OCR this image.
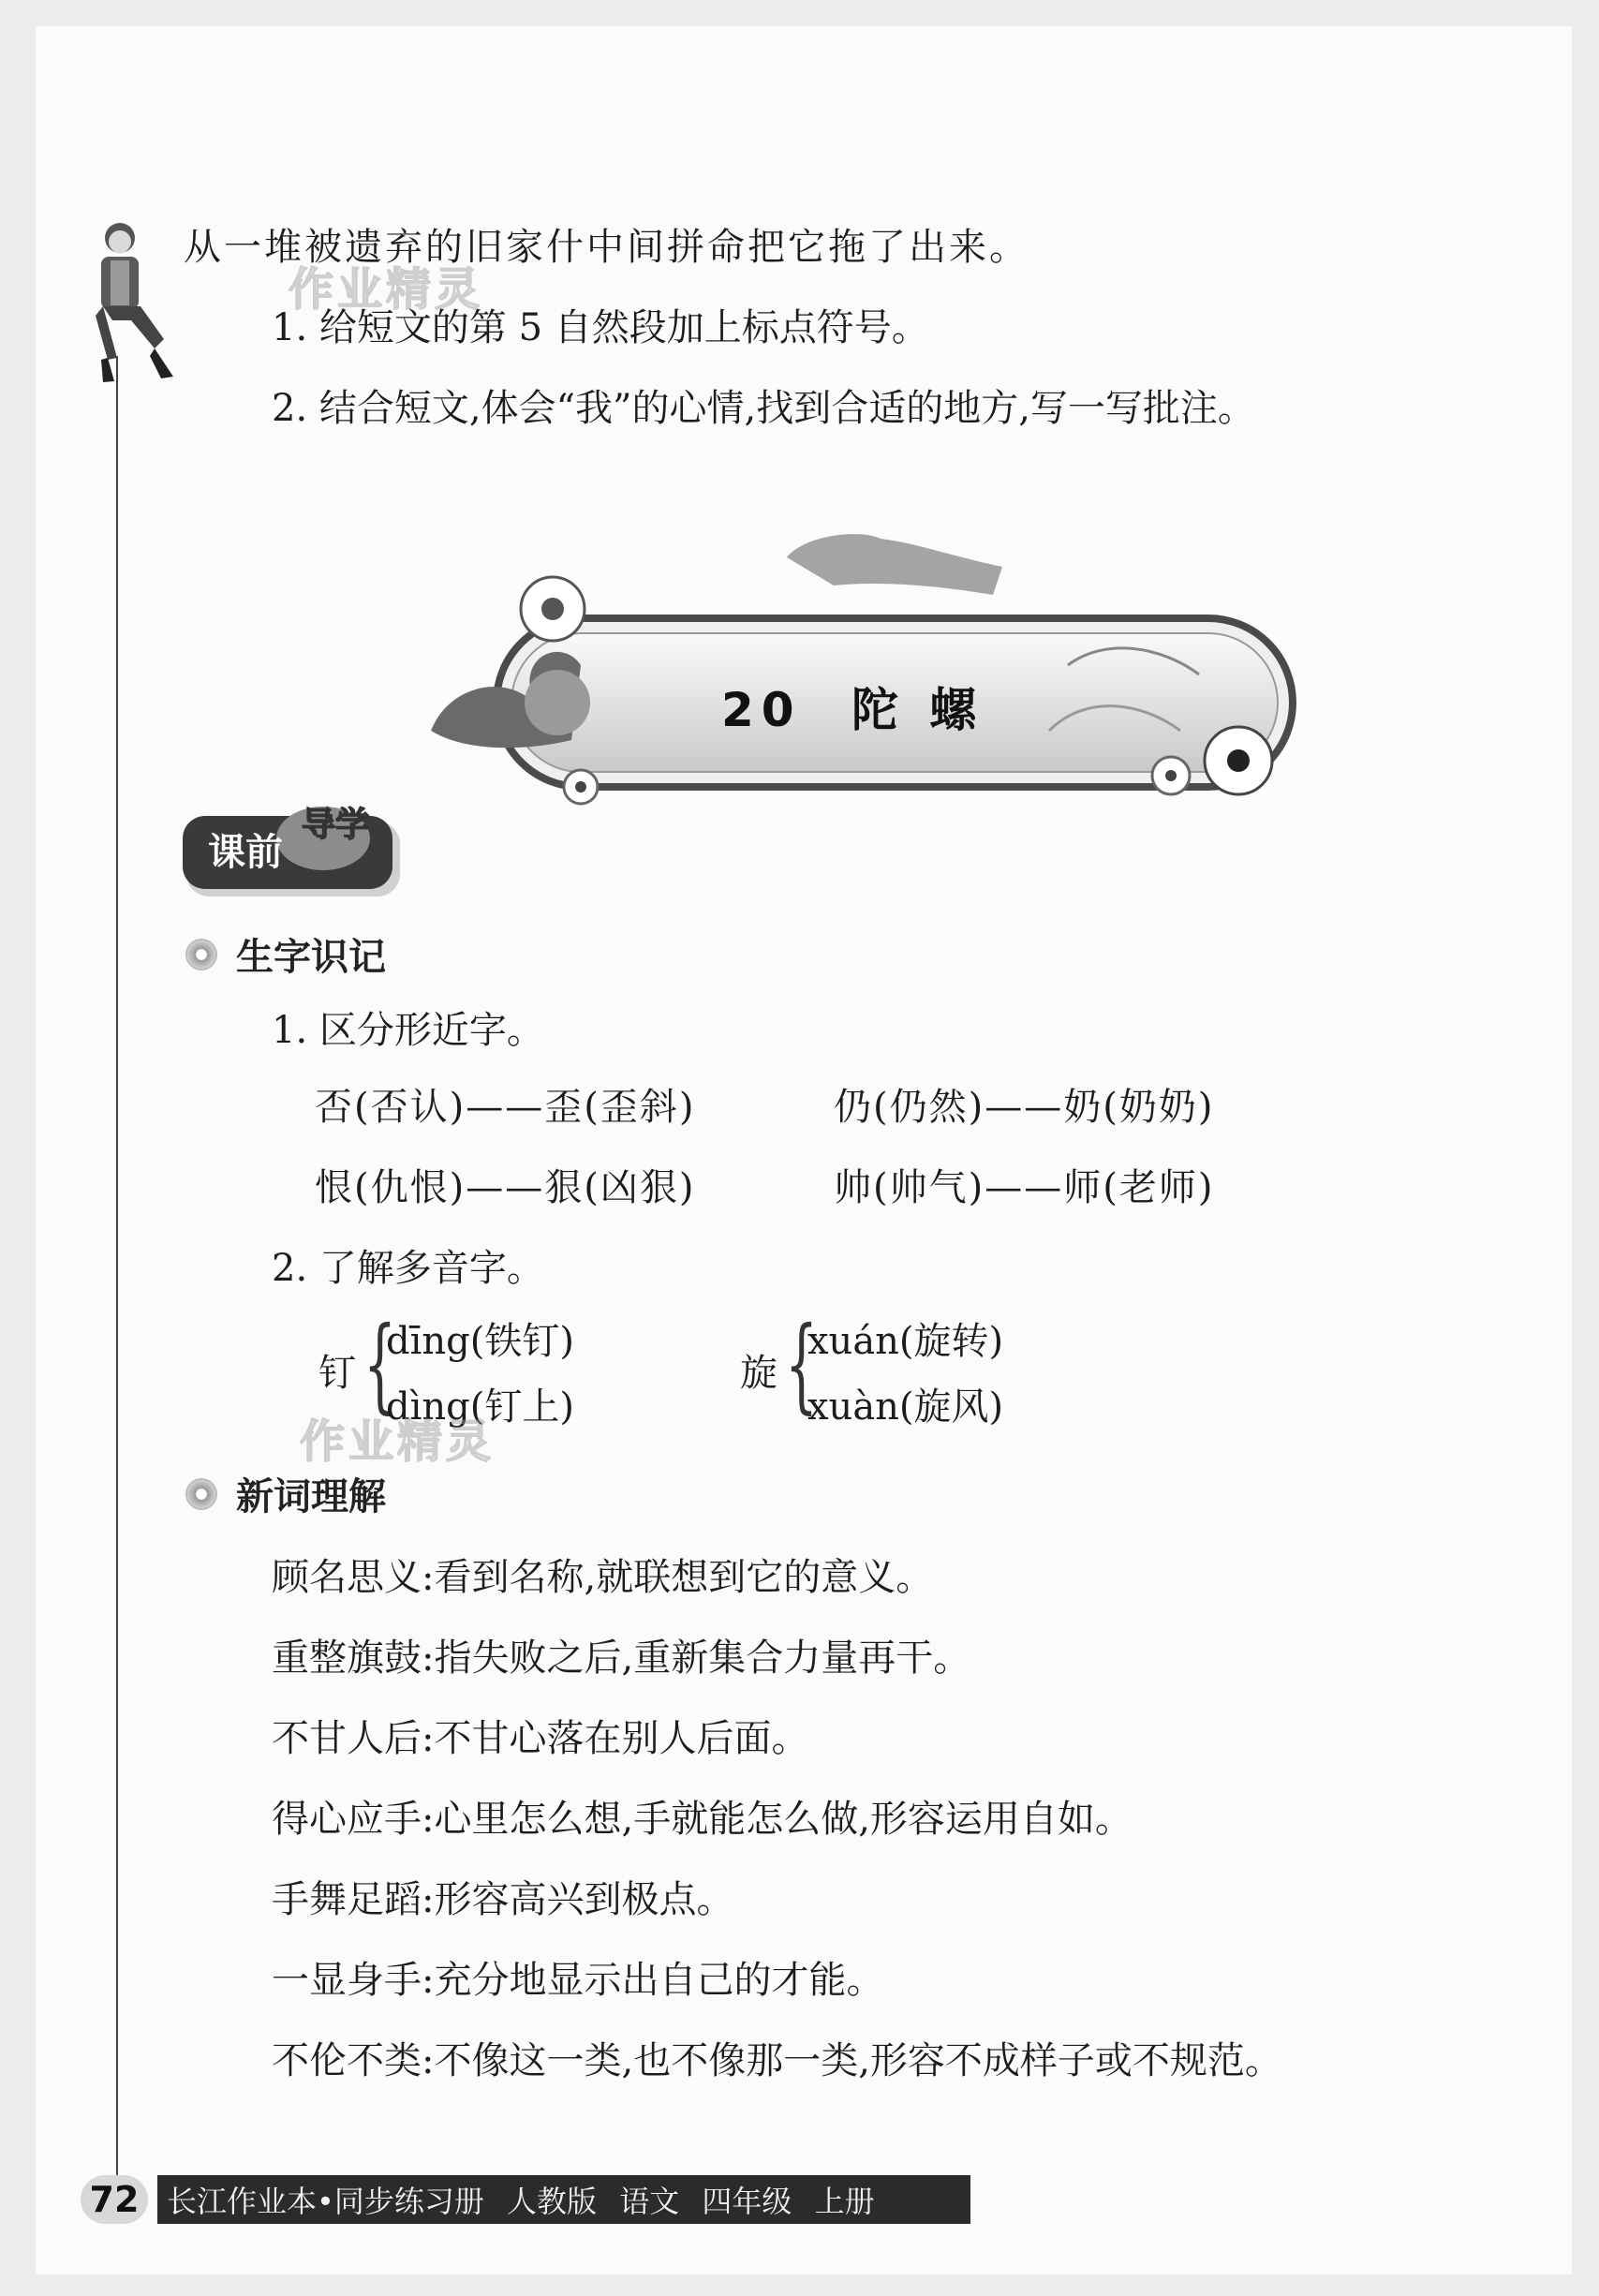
作业精灵
从一堆被遗弃的旧家什中间拼命把它拖了出来。
1. 给短文的第 5 自然段加上标点符号。
2. 结合短文,体会“我”的心情,找到合适的地方,写一写批注。
20 陀 螺
课前
导学
生字识记
1. 区分形近字。
否(否认)——歪(歪斜)	仍(仍然)——奶(奶奶)
恨(仇恨)——狠(凶狠)	帅(帅气)——师(老师)
2. 了解多音字。
钉 {
dīng(铁钉)
dìng(钉上)
旋 {
xuán(旋转)
xuàn(旋风)
作业精灵
新词理解
顾名思义:看到名称,就联想到它的意义。
重整旗鼓:指失败之后,重新集合力量再干。
不甘人后:不甘心落在别人后面。
得心应手:心里怎么想,手就能怎么做,形容运用自如。
手舞足蹈:形容高兴到极点。
一显身手:充分地显示出自己的才能。
不伦不类:不像这一类,也不像那一类,形容不成样子或不规范。
72 长江作业本•同步练习册 人教版 语文 四年级 上册
